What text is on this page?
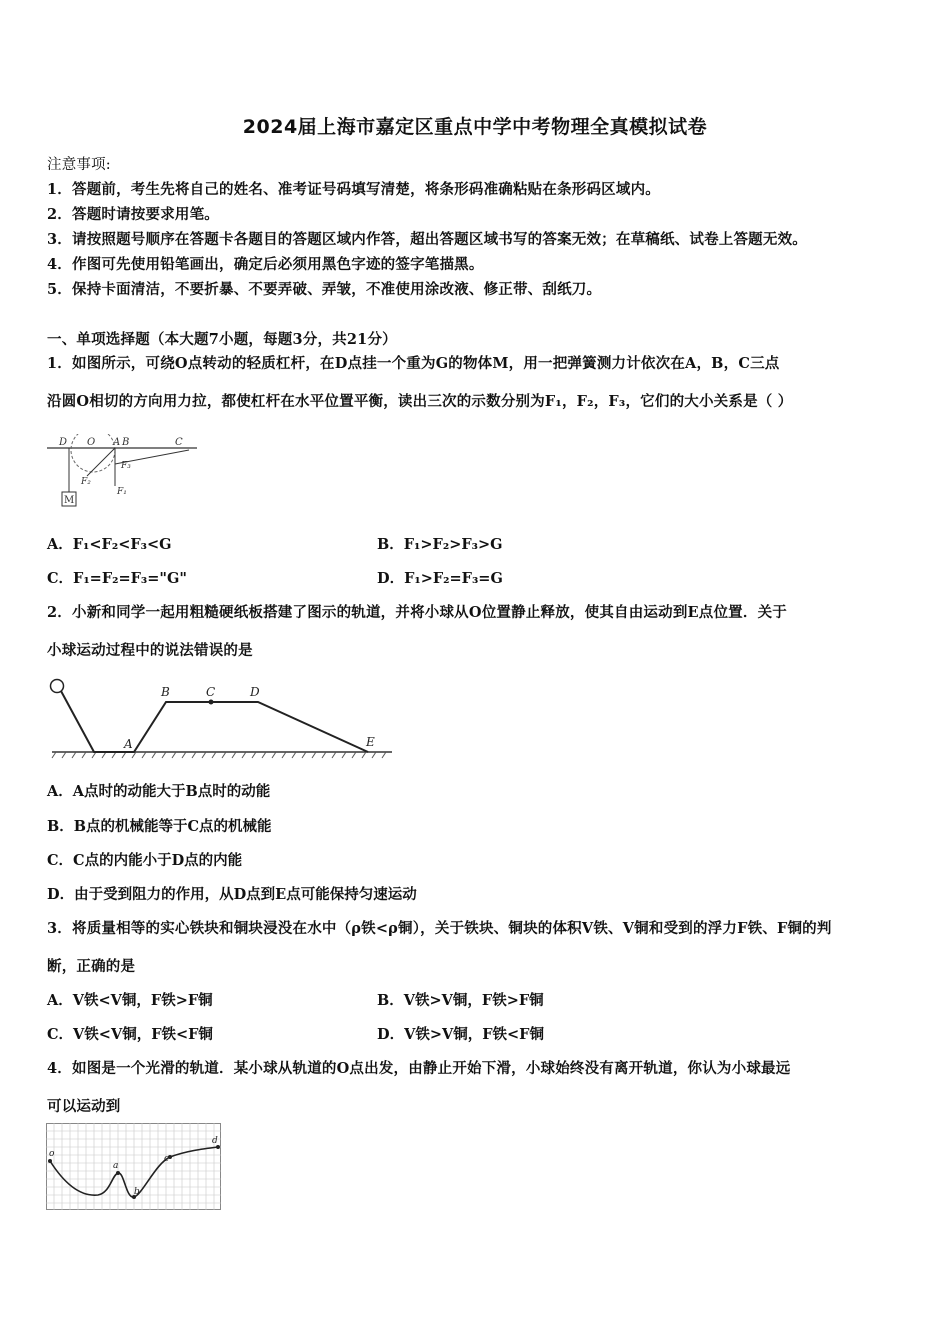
2024届上海市嘉定区重点中学中考物理全真模拟试卷
注意事项:
1．答题前，考生先将自己的姓名、准考证号码填写清楚，将条形码准确粘贴在条形码区域内。
2．答题时请按要求用笔。
3．请按照题号顺序在答题卡各题目的答题区域内作答，超出答题区域书写的答案无效；在草稿纸、试卷上答题无效。
4．作图可先使用铅笔画出，确定后必须用黑色字迹的签字笔描黑。
5．保持卡面清洁，不要折暴、不要弄破、弄皱，不准使用涂改液、修正带、刮纸刀。
一、单项选择题（本大题7小题，每题3分，共21分）
1．如图所示，可绕O点转动的轻质杠杆，在D点挂一个重为G的物体M，用一把弹簧测力计依次在A，B，C三点
沿圆O相切的方向用力拉，都使杠杆在水平位置平衡，读出三次的示数分别为F₁，F₂，F₃，它们的大小关系是（ ）
D O A B	C
F₃
F₂
F₁
M
A．F₁<F₂<F₃<G	B．F₁>F₂>F₃>G
C．F₁=F₂=F₃="G"	D．F₁>F₂=F₃=G
2．小新和同学一起用粗糙硬纸板搭建了图示的轨道，并将小球从O位置静止释放，使其自由运动到E点位置．关于
小球运动过程中的说法错误的是
B	C	D
A	E
A．A点时的动能大于B点时的动能
B．B点的机械能等于C点的机械能
C．C点的内能小于D点的内能
D．由于受到阻力的作用，从D点到E点可能保持匀速运动
3．将质量相等的实心铁块和铜块浸没在水中（ρ铁<ρ铜），关于铁块、铜块的体积V铁、V铜和受到的浮力F铁、F铜的判
断，正确的是
A．V铁<V铜，F铁>F铜	B．V铁>V铜，F铁>F铜
C．V铁<V铜，F铁<F铜	D．V铁>V铜，F铁<F铜
4．如图是一个光滑的轨道．某小球从轨道的O点出发，由静止开始下滑，小球始终没有离开轨道，你认为小球最远
可以运动到
o
a
b
c
d
